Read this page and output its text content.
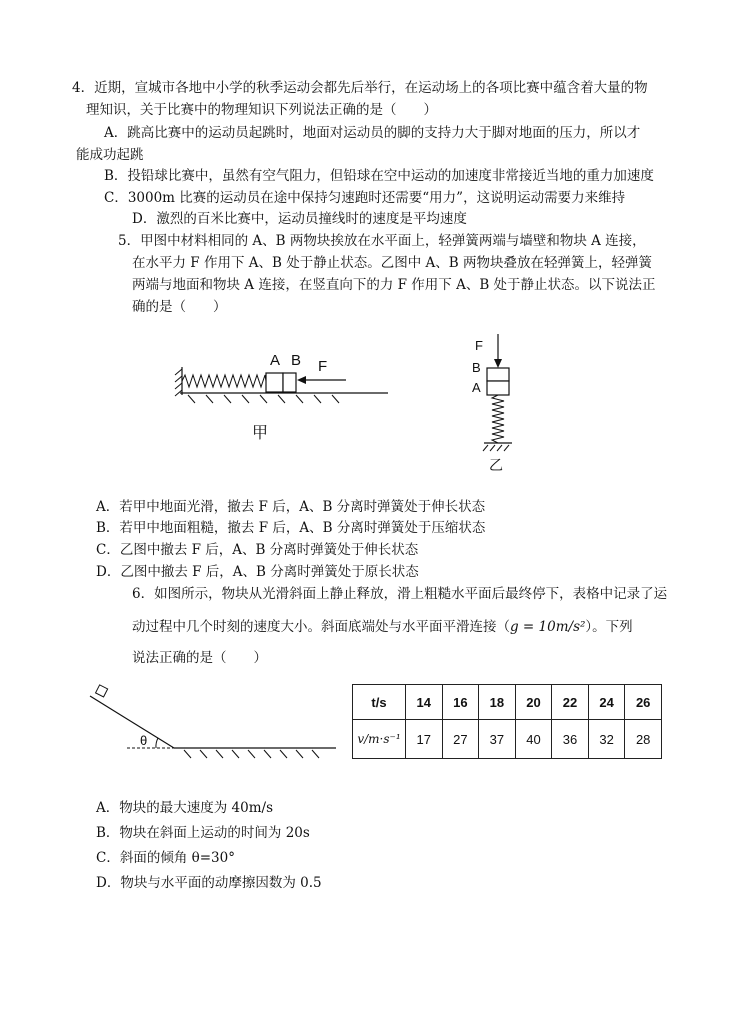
4．近期，宣城市各地中小学的秋季运动会都先后举行，在运动场上的各项比赛中蕴含着大量的物
理知识，关于比赛中的物理知识下列说法正确的是（　　）
A．跳高比赛中的运动员起跳时，地面对运动员的脚的支持力大于脚对地面的压力，所以才
能成功起跳
B．投铅球比赛中，虽然有空气阻力，但铅球在空中运动的加速度非常接近当地的重力加速度
C．3000m 比赛的运动员在途中保持匀速跑时还需要“用力”，这说明运动需要力来维持
D．激烈的百米比赛中，运动员撞线时的速度是平均速度
5．甲图中材料相同的 A、B 两物块挨放在水平面上，轻弹簧两端与墙壁和物块 A 连接，
在水平力 F 作用下 A、B 处于静止状态。乙图中 A、B 两物块叠放在轻弹簧上，轻弹簧
两端与地面和物块 A 连接，在竖直向下的力 F 作用下 A、B 处于静止状态。以下说法正
确的是（　　）
A B F
甲
F
B
A
乙
A．若甲中地面光滑，撤去 F 后，A、B 分离时弹簧处于伸长状态
B．若甲中地面粗糙，撤去 F 后，A、B 分离时弹簧处于压缩状态
C．乙图中撤去 F 后，A、B 分离时弹簧处于伸长状态
D．乙图中撤去 F 后，A、B 分离时弹簧处于原长状态
6．如图所示，物块从光滑斜面上静止释放，滑上粗糙水平面后最终停下，表格中记录了运
动过程中几个时刻的速度大小。斜面底端处与水平面平滑连接（g = 10m/s²）。下列
说法正确的是（　　）
θ
t/s	14	16	18	20	22	24	26
v/m·s⁻¹	17	27	37	40	36	32	28
A．物块的最大速度为 40m/s
B．物块在斜面上运动的时间为 20s
C．斜面的倾角 θ=30°
D．物块与水平面的动摩擦因数为 0.5
